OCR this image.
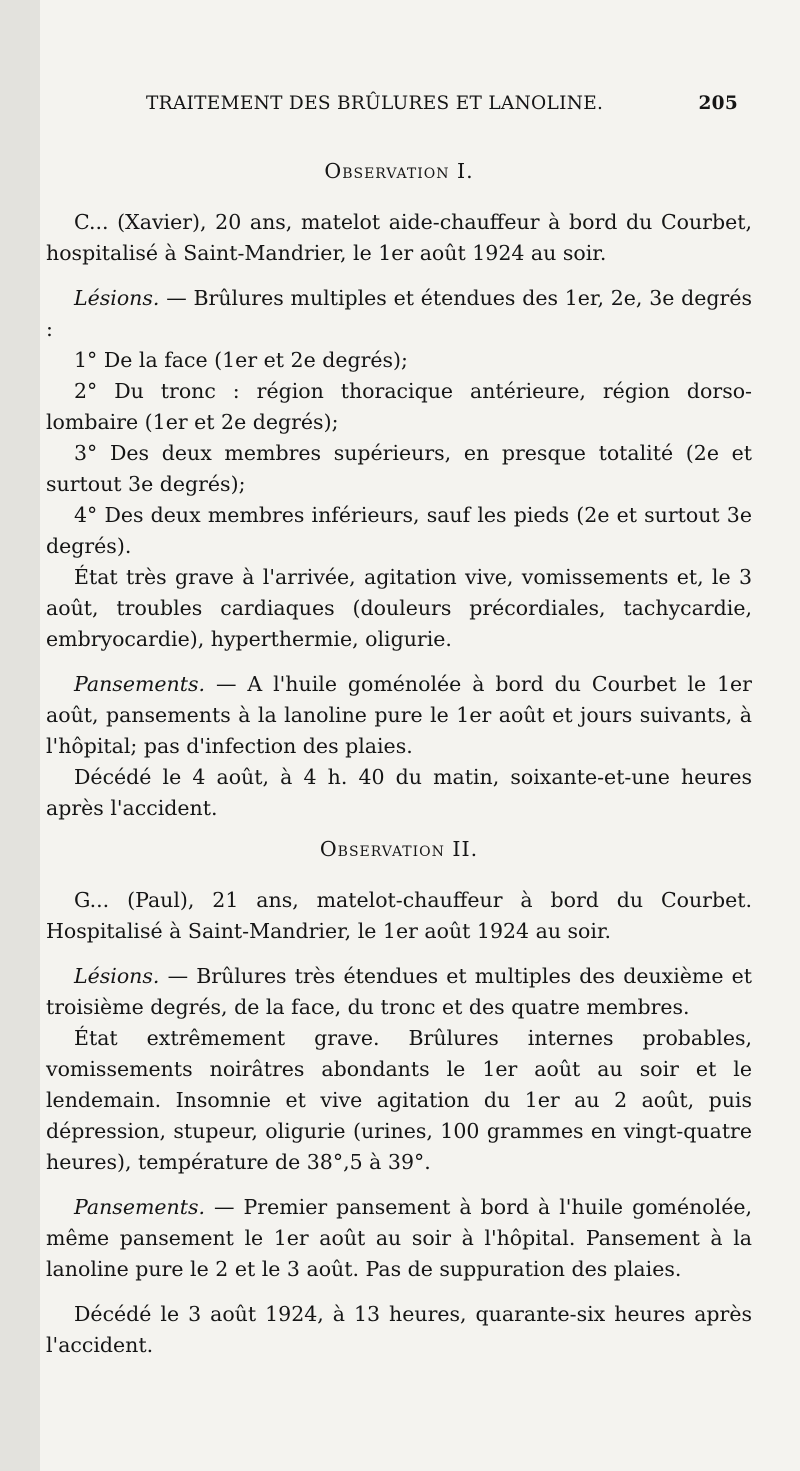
TRAITEMENT DES BRÛLURES ET LANOLINE.	205
Observation I.

C... (Xavier), 20 ans, matelot aide-chauffeur à bord du Courbet, hospitalisé à Saint-Mandrier, le 1er août 1924 au soir.

Lésions. — Brûlures multiples et étendues des 1er, 2e, 3e degrés :

1° De la face (1er et 2e degrés);

2° Du tronc : région thoracique antérieure, région dorso-lombaire (1er et 2e degrés);

3° Des deux membres supérieurs, en presque totalité (2e et surtout 3e degrés);

4° Des deux membres inférieurs, sauf les pieds (2e et surtout 3e degrés).

État très grave à l'arrivée, agitation vive, vomissements et, le 3 août, troubles cardiaques (douleurs précordiales, tachycardie, embryocardie), hyperthermie, oligurie.

Pansements. — A l'huile goménolée à bord du Courbet le 1er août, pansements à la lanoline pure le 1er août et jours suivants, à l'hôpital; pas d'infection des plaies.

Décédé le 4 août, à 4 h. 40 du matin, soixante-et-une heures après l'accident.

Observation II.

G... (Paul), 21 ans, matelot-chauffeur à bord du Courbet. Hospitalisé à Saint-Mandrier, le 1er août 1924 au soir.

Lésions. — Brûlures très étendues et multiples des deuxième et troisième degrés, de la face, du tronc et des quatre membres.

État extrêmement grave. Brûlures internes probables, vomissements noirâtres abondants le 1er août au soir et le lendemain. Insomnie et vive agitation du 1er au 2 août, puis dépression, stupeur, oligurie (urines, 100 grammes en vingt-quatre heures), température de 38°,5 à 39°.

Pansements. — Premier pansement à bord à l'huile goménolée, même pansement le 1er août au soir à l'hôpital. Pansement à la lanoline pure le 2 et le 3 août. Pas de suppuration des plaies.

Décédé le 3 août 1924, à 13 heures, quarante-six heures après l'accident.
